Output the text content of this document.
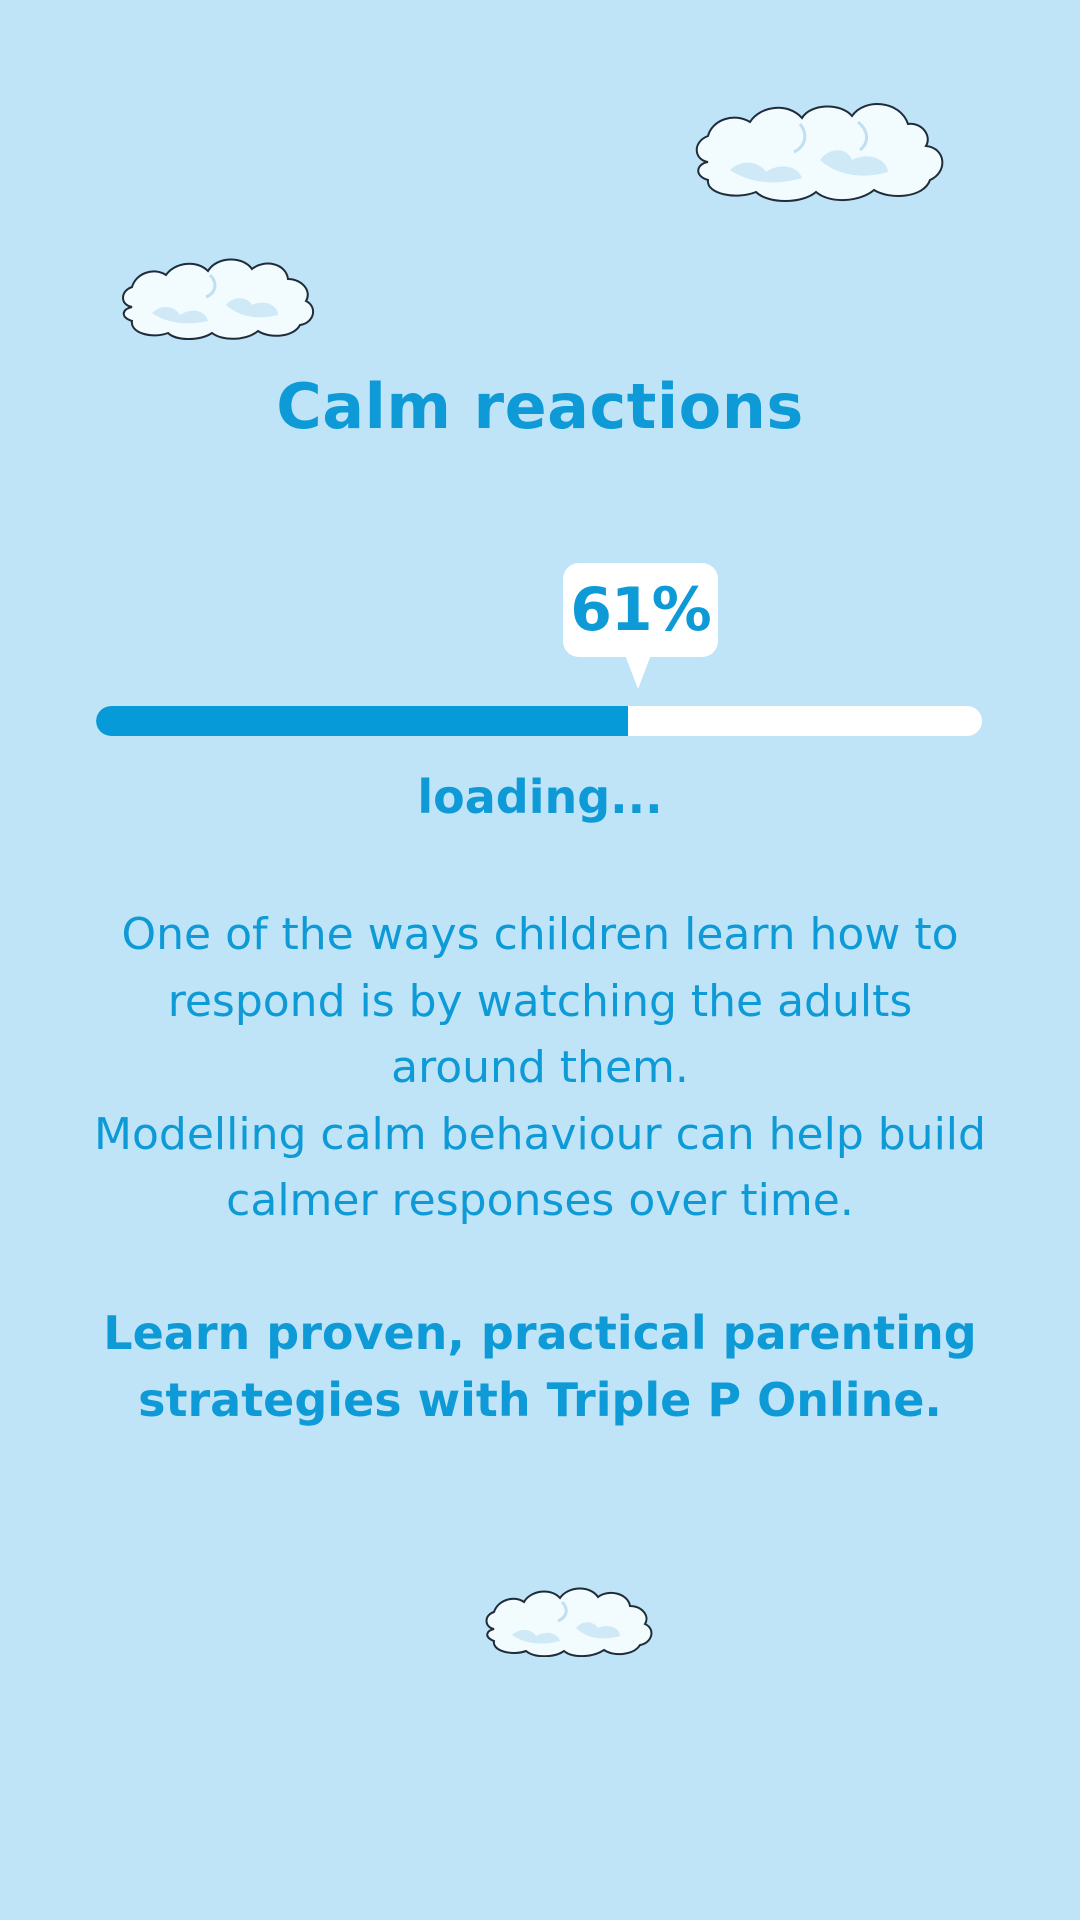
Calm reactions
61%
loading...

One of the ways children learn how to respond is by watching the adults around them.

Modelling calm behaviour can help build calmer responses over time.

Learn proven, practical parenting strategies with Triple P Online.
